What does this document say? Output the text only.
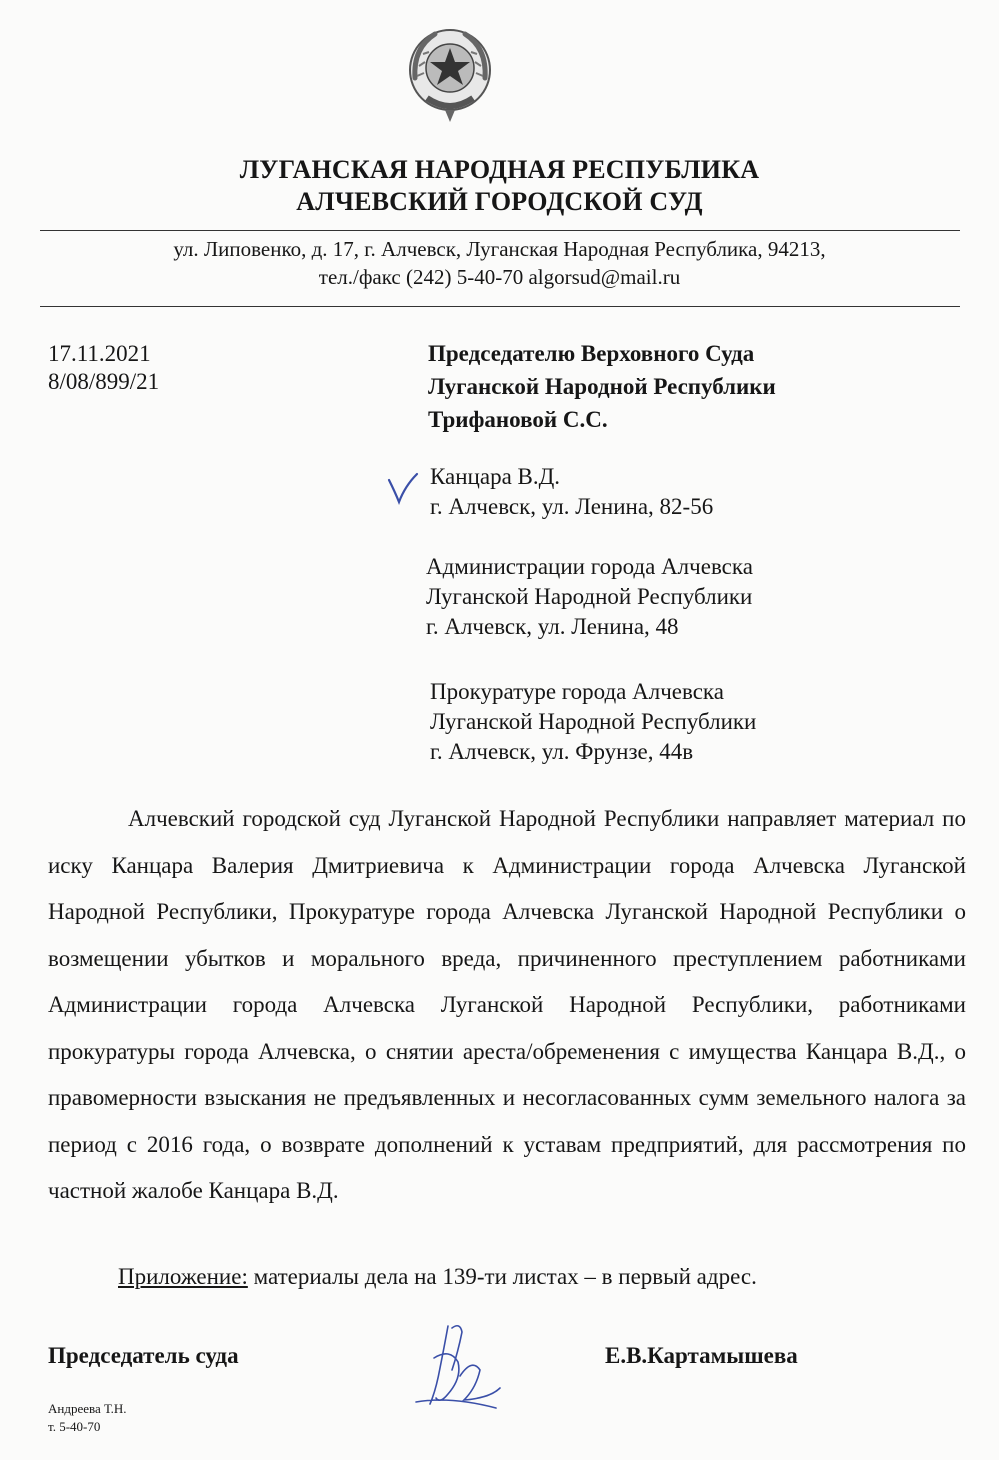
ЛУГАНСКАЯ НАРОДНАЯ РЕСПУБЛИКА
АЛЧЕВСКИЙ ГОРОДСКОЙ СУД
ул. Липовенко, д. 17, г. Алчевск, Луганская Народная Республика, 94213,
тел./факс (242) 5-40-70 algorsud@mail.ru
17.11.2021
8/08/899/21
Председателю Верховного Суда
Луганской Народной Республики
Трифановой С.С.
Канцара В.Д.
г. Алчевск, ул. Ленина, 82-56
Администрации города Алчевска
Луганской Народной Республики
г. Алчевск, ул. Ленина, 48
Прокуратуре города Алчевска
Луганской Народной Республики
г. Алчевск, ул. Фрунзе, 44в
Алчевский городской суд Луганской Народной Республики направляет материал по иску Канцара Валерия Дмитриевича к Администрации города Алчевска Луганской Народной Республики, Прокуратуре города Алчевска Луганской Народной Республики о возмещении убытков и морального вреда, причиненного преступлением работниками Администрации города Алчевска Луганской Народной Республики, работниками прокуратуры города Алчевска, о снятии ареста/обременения с имущества Канцара В.Д., о правомерности взыскания не предъявленных и несогласованных сумм земельного налога за период с 2016 года, о возврате дополнений к уставам предприятий, для рассмотрения по частной жалобе Канцара В.Д.
Приложение: материалы дела на 139-ти листах – в первый адрес.
Председатель суда	Е.В.Картамышева
Андреева Т.Н.
т. 5-40-70
